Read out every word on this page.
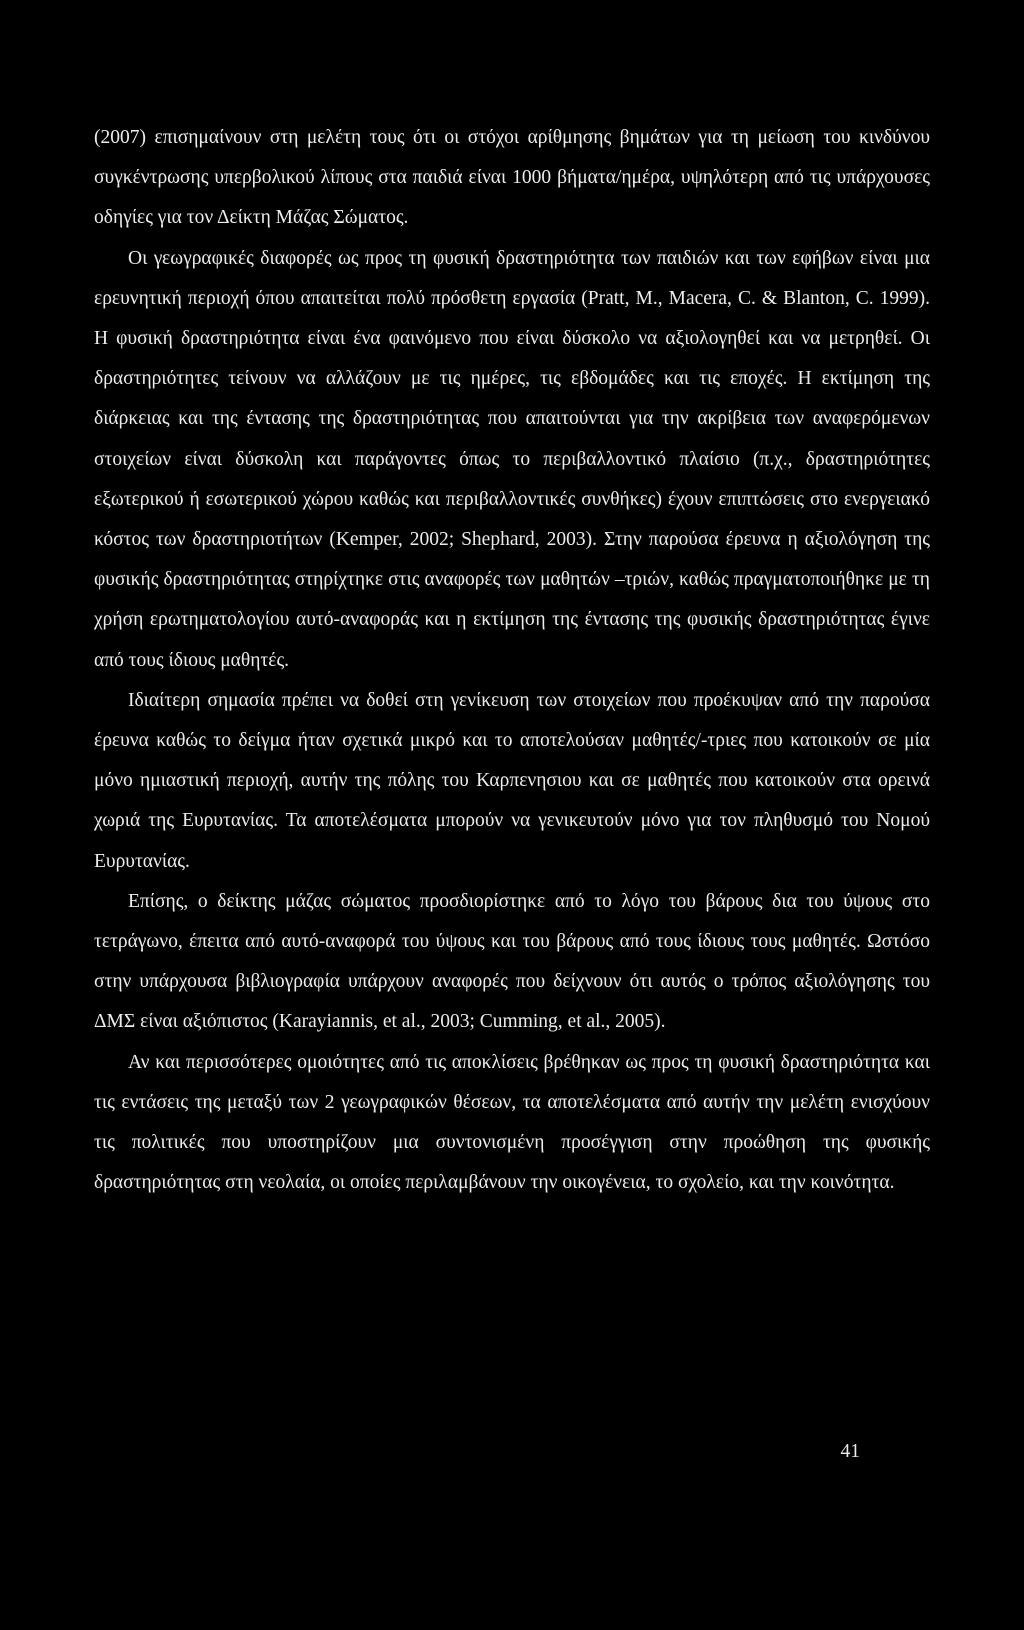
(2007) επισημαίνουν στη μελέτη τους ότι οι στόχοι αρίθμησης βημάτων για τη μείωση του κινδύνου συγκέντρωσης υπερβολικού λίπους στα παιδιά είναι 1000 βήματα/ημέρα, υψηλότερη από τις υπάρχουσες οδηγίες για τον Δείκτη Μάζας Σώματος.

Οι γεωγραφικές διαφορές ως προς τη φυσική δραστηριότητα των παιδιών και των εφήβων είναι μια ερευνητική περιοχή όπου απαιτείται πολύ πρόσθετη εργασία (Pratt, M., Macera, C. & Blanton, C. 1999). Η φυσική δραστηριότητα είναι ένα φαινόμενο που είναι δύσκολο να αξιολογηθεί και να μετρηθεί. Οι δραστηριότητες τείνουν να αλλάζουν με τις ημέρες, τις εβδομάδες και τις εποχές. Η εκτίμηση της διάρκειας και της έντασης της δραστηριότητας που απαιτούνται για την ακρίβεια των αναφερόμενων στοιχείων είναι δύσκολη και παράγοντες όπως το περιβαλλοντικό πλαίσιο (π.χ., δραστηριότητες εξωτερικού ή εσωτερικού χώρου καθώς και περιβαλλοντικές συνθήκες) έχουν επιπτώσεις στο ενεργειακό κόστος των δραστηριοτήτων (Kemper, 2002; Shephard, 2003). Στην παρούσα έρευνα η αξιολόγηση της φυσικής δραστηριότητας στηρίχτηκε στις αναφορές των μαθητών –τριών, καθώς πραγματοποιήθηκε με τη χρήση ερωτηματολογίου αυτό-αναφοράς και η εκτίμηση της έντασης της φυσικής δραστηριότητας έγινε από τους ίδιους μαθητές.

Ιδιαίτερη σημασία πρέπει να δοθεί στη γενίκευση των στοιχείων που προέκυψαν από την παρούσα έρευνα καθώς το δείγμα ήταν σχετικά μικρό και το αποτελούσαν μαθητές/-τριες που κατοικούν σε μία μόνο ημιαστική περιοχή, αυτήν της πόλης του Καρπενησιου και σε μαθητές που κατοικούν στα ορεινά χωριά της Ευρυτανίας. Τα αποτελέσματα μπορούν να γενικευτούν μόνο για τον πληθυσμό του Νομού Ευρυτανίας.

Επίσης, ο δείκτης μάζας σώματος προσδιορίστηκε από το λόγο του βάρους δια του ύψους στο τετράγωνο, έπειτα από αυτό-αναφορά του ύψους και του βάρους από τους ίδιους τους μαθητές. Ωστόσο στην υπάρχουσα βιβλιογραφία υπάρχουν αναφορές που δείχνουν ότι αυτός ο τρόπος αξιολόγησης του ΔΜΣ είναι αξιόπιστος (Karayiannis, et al., 2003; Cumming, et al., 2005).

Αν και περισσότερες ομοιότητες από τις αποκλίσεις βρέθηκαν ως προς τη φυσική δραστηριότητα και τις εντάσεις της μεταξύ των 2 γεωγραφικών θέσεων, τα αποτελέσματα από αυτήν την μελέτη ενισχύουν τις πολιτικές που υποστηρίζουν μια συντονισμένη προσέγγιση στην προώθηση της φυσικής δραστηριότητας στη νεολαία, οι οποίες περιλαμβάνουν την οικογένεια, το σχολείο, και την κοινότητα.

41
